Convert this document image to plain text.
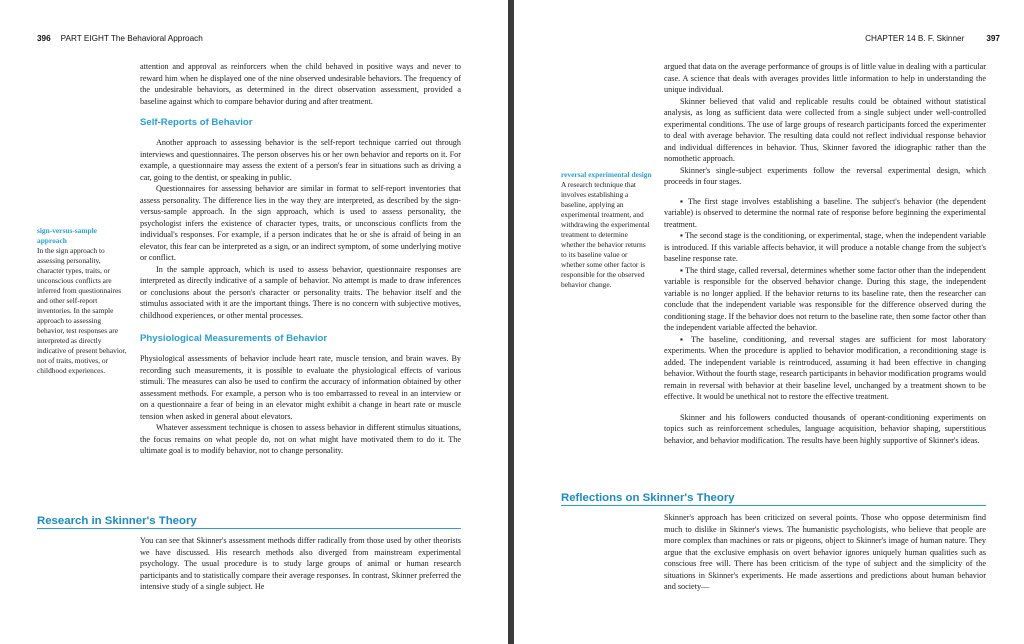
396 PART EIGHT The Behavioral Approach

attention and approval as reinforcers when the child behaved in positive ways and never to reward him when he displayed one of the nine observed undesirable behaviors. The frequency of the undesirable behaviors, as determined in the direct observation assessment, provided a baseline against which to compare behavior during and after treatment.

Self-Reports of Behavior

Another approach to assessing behavior is the self-report technique carried out through interviews and questionnaires. The person observes his or her own behavior and reports on it. For example, a questionnaire may assess the extent of a person's fear in situations such as driving a car, going to the dentist, or speaking in public.

Questionnaires for assessing behavior are similar in format to self-report inventories that assess personality. The difference lies in the way they are interpreted, as described by the sign-versus-sample approach. In the sign approach, which is used to assess personality, the psychologist infers the existence of character types, traits, or unconscious conflicts from the individual's responses. For example, if a person indicates that he or she is afraid of being in an elevator, this fear can be interpreted as a sign, or an indirect symptom, of some underlying motive or conflict.

In the sample approach, which is used to assess behavior, questionnaire responses are interpreted as directly indicative of a sample of behavior. No attempt is made to draw inferences or conclusions about the person's character or personality traits. The behavior itself and the stimulus associated with it are the important things. There is no concern with subjective motives, childhood experiences, or other mental processes.

Physiological Measurements of Behavior

Physiological assessments of behavior include heart rate, muscle tension, and brain waves. By recording such measurements, it is possible to evaluate the physiological effects of various stimuli. The measures can also be used to confirm the accuracy of information obtained by other assessment methods. For example, a person who is too embarrassed to reveal in an interview or on a questionnaire a fear of being in an elevator might exhibit a change in heart rate or muscle tension when asked in general about elevators.

Whatever assessment technique is chosen to assess behavior in different stimulus situations, the focus remains on what people do, not on what might have motivated them to do it. The ultimate goal is to modify behavior, not to change personality.

sign-versus-sample approach
In the sign approach to assessing personality, character types, traits, or unconscious conflicts are inferred from questionnaires and other self-report inventories. In the sample approach to assessing behavior, test responses are interpreted as directly indicative of present behavior, not of traits, motives, or childhood experiences.
Research in Skinner's Theory

You can see that Skinner's assessment methods differ radically from those used by other theorists we have discussed. His research methods also diverged from mainstream experimental psychology. The usual procedure is to study large groups of animal or human research participants and to statistically compare their average responses. In contrast, Skinner preferred the intensive study of a single subject. He

CHAPTER 14 B. F. Skinner	397

argued that data on the average performance of groups is of little value in dealing with a particular case. A science that deals with averages provides little information to help in understanding the unique individual.

Skinner believed that valid and replicable results could be obtained without statistical analysis, as long as sufficient data were collected from a single subject under well-controlled experimental conditions. The use of large groups of research participants forced the experimenter to deal with average behavior. The resulting data could not reflect individual response behavior and individual differences in behavior. Thus, Skinner favored the idiographic rather than the nomothetic approach.

Skinner's single-subject experiments follow the reversal experimental design, which proceeds in four stages.

▪ The first stage involves establishing a baseline. The subject's behavior (the dependent variable) is observed to determine the normal rate of response before beginning the experimental treatment.

▪ The second stage is the conditioning, or experimental, stage, when the independent variable is introduced. If this variable affects behavior, it will produce a notable change from the subject's baseline response rate.

▪ The third stage, called reversal, determines whether some factor other than the independent variable is responsible for the observed behavior change. During this stage, the independent variable is no longer applied. If the behavior returns to its baseline rate, then the researcher can conclude that the independent variable was responsible for the difference observed during the conditioning stage. If the behavior does not return to the baseline rate, then some factor other than the independent variable affected the behavior.

▪ The baseline, conditioning, and reversal stages are sufficient for most laboratory experiments. When the procedure is applied to behavior modification, a reconditioning stage is added. The independent variable is reintroduced, assuming it had been effective in changing behavior. Without the fourth stage, research participants in behavior modification programs would remain in reversal with behavior at their baseline level, unchanged by a treatment shown to be effective. It would be unethical not to restore the effective treatment.

Skinner and his followers conducted thousands of operant-conditioning experiments on topics such as reinforcement schedules, language acquisition, behavior shaping, superstitious behavior, and behavior modification. The results have been highly supportive of Skinner's ideas.

reversal experimental design
A research technique that involves establishing a baseline, applying an experimental treatment, and withdrawing the experimental treatment to determine whether the behavior returns to its baseline value or whether some other factor is responsible for the observed behavior change.
Reflections on Skinner's Theory

Skinner's approach has been criticized on several points. Those who oppose determinism find much to dislike in Skinner's views. The humanistic psychologists, who believe that people are more complex than machines or rats or pigeons, object to Skinner's image of human nature. They argue that the exclusive emphasis on overt behavior ignores uniquely human qualities such as conscious free will. There has been criticism of the type of subject and the simplicity of the situations in Skinner's experiments. He made assertions and predictions about human behavior and society—
